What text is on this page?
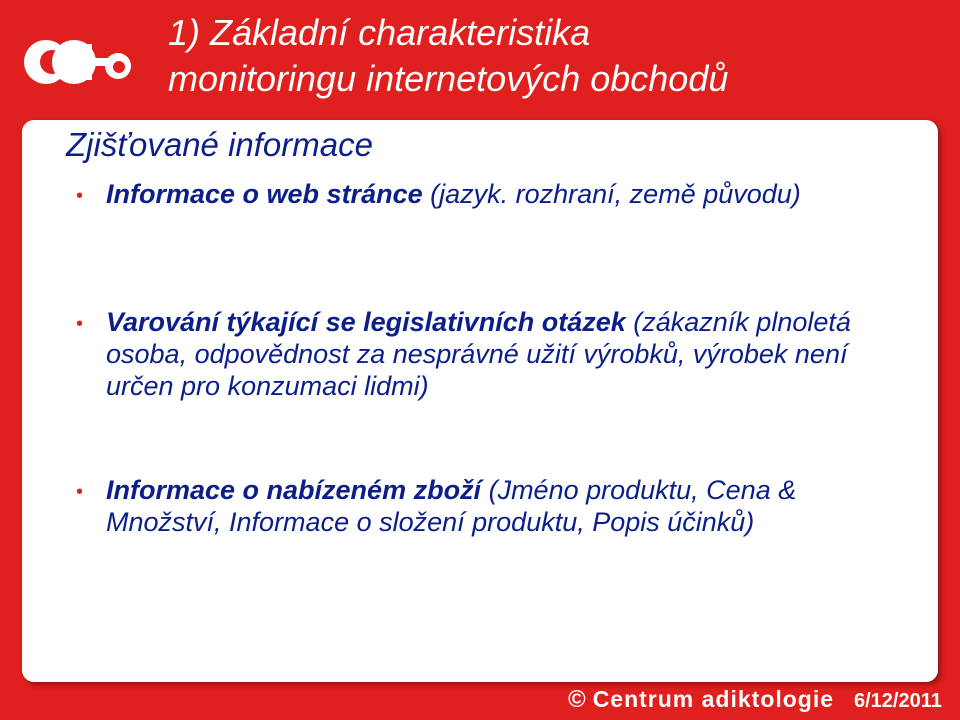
1) Základní charakteristika
monitoringu internetových obchodů
• Zjišťované informace
• Informace o web stránce (jazyk. rozhraní, země původu)
• Varování týkající se legislativních otázek (zákazník plnoletá osoba, odpovědnost za nesprávné užití výrobků, výrobek není určen pro konzumaci lidmi)
• Informace o nabízeném zboží (Jméno produktu, Cena & Množství, Informace o složení produktu, Popis účinků)
© Centrum adiktologie 6/12/2011
